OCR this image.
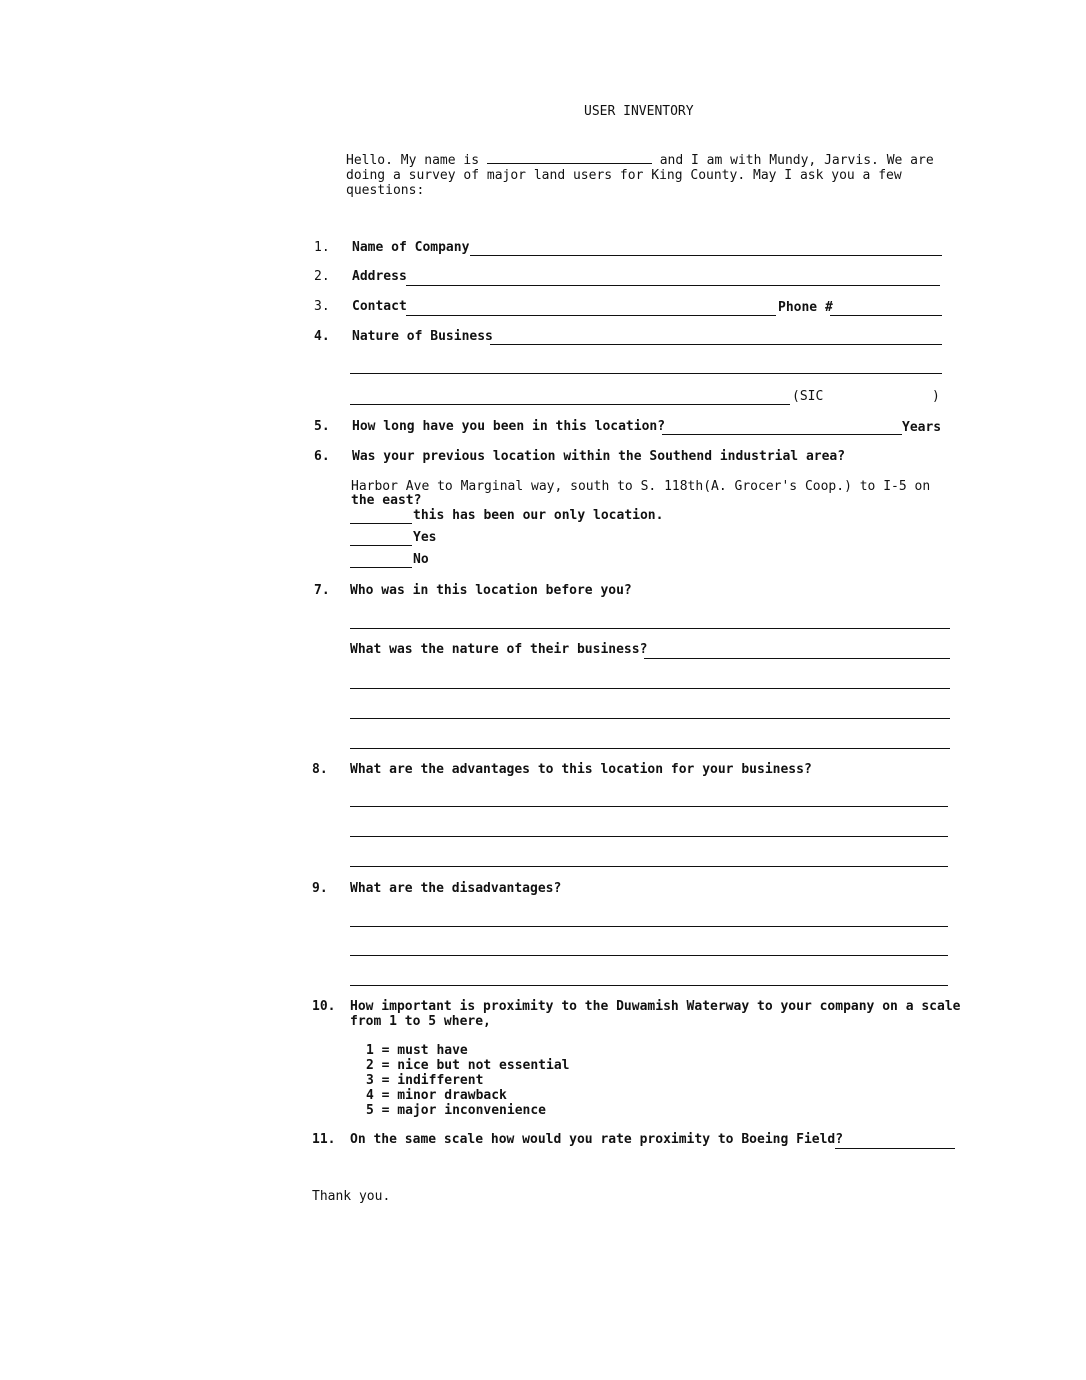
USER INVENTORY
Hello. My name is	and I am with Mundy, Jarvis. We are doing a survey of major land users for King County. May I ask you a few questions:
1. Name of Company
2. Address
3. Contact	Phone #
4. Nature of Business
(SIC	)
5. How long have you been in this location?	Years
6. Was your previous location within the Southend industrial area?
Harbor Ave to Marginal way, south to S. 118th(A. Grocer's Coop.) to I-5 on
the east?
this has been our only location.
Yes
No
7. Who was in this location before you?
What was the nature of their business?
8. What are the advantages to this location for your business?
9. What are the disadvantages?
10. How important is proximity to the Duwamish Waterway to your company on a scale
from 1 to 5 where,
1 = must have
2 = nice but not essential
3 = indifferent
4 = minor drawback
5 = major inconvenience
11. On the same scale how would you rate proximity to Boeing Field?
Thank you.
